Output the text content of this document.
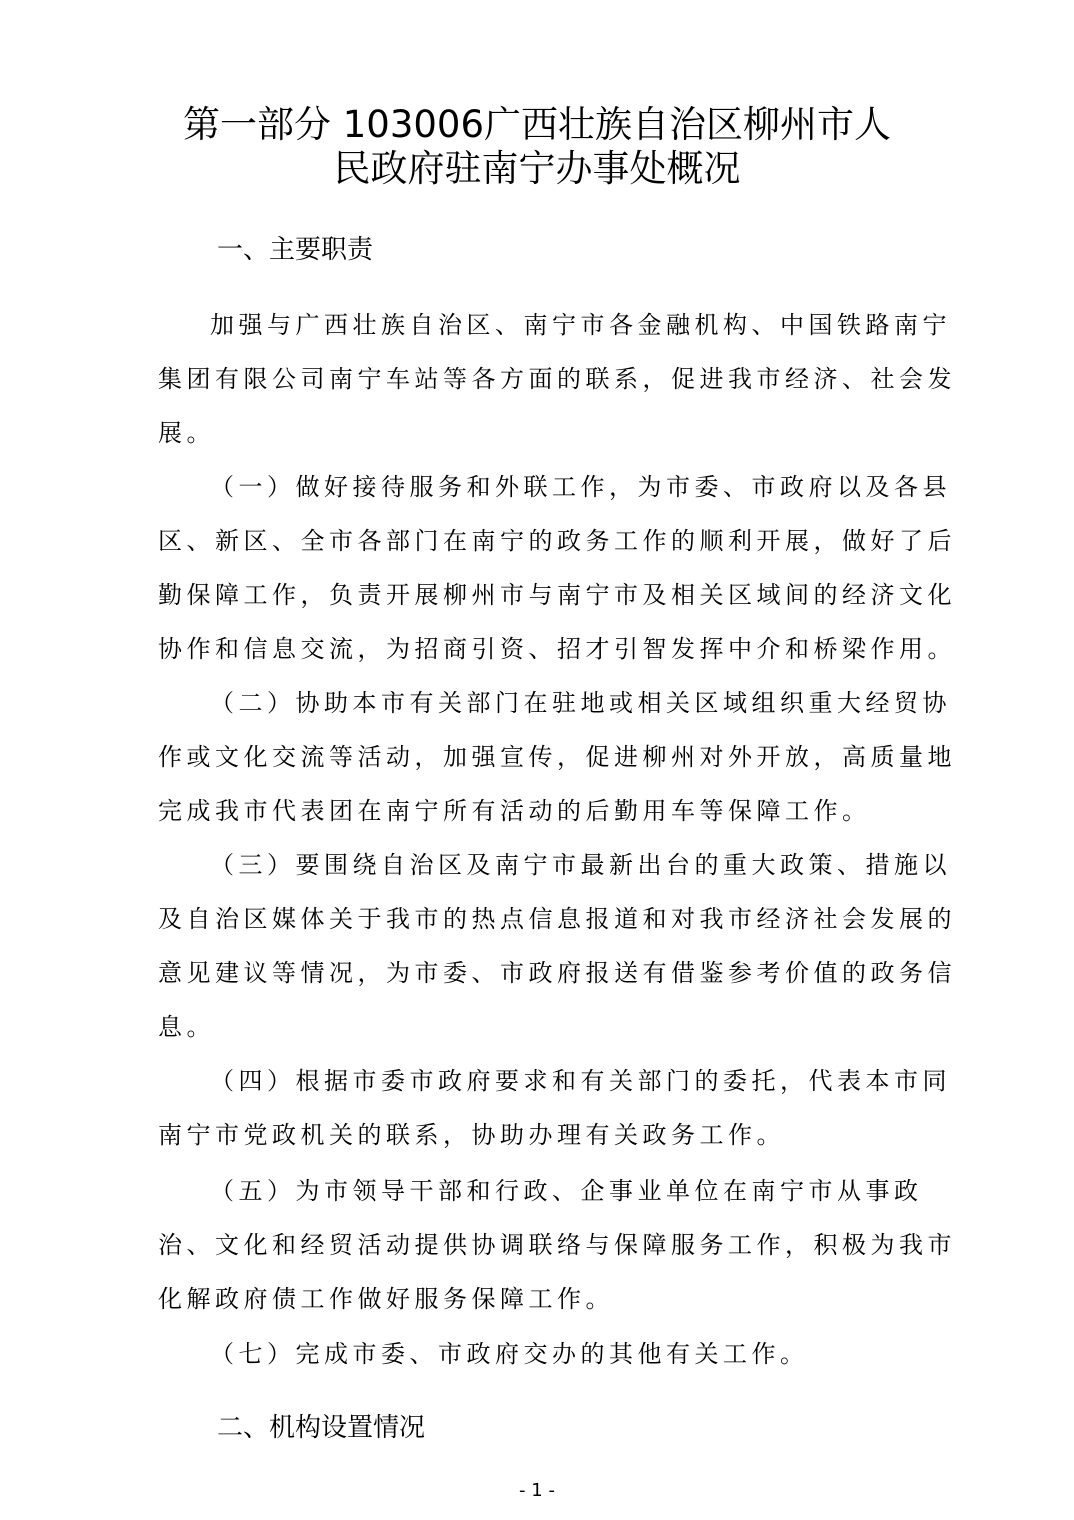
第一部分 103006广西壮族自治区柳州市人
民政府驻南宁办事处概况
一、主要职责
加强与广西壮族自治区、南宁市各金融机构、中国铁路南宁
集团有限公司南宁车站等各方面的联系，促进我市经济、社会发
展。
（一）做好接待服务和外联工作，为市委、市政府以及各县
区、新区、全市各部门在南宁的政务工作的顺利开展，做好了后
勤保障工作，负责开展柳州市与南宁市及相关区域间的经济文化
协作和信息交流，为招商引资、招才引智发挥中介和桥梁作用。
（二）协助本市有关部门在驻地或相关区域组织重大经贸协
作或文化交流等活动，加强宣传，促进柳州对外开放，高质量地
完成我市代表团在南宁所有活动的后勤用车等保障工作。
（三）要围绕自治区及南宁市最新出台的重大政策、措施以
及自治区媒体关于我市的热点信息报道和对我市经济社会发展的
意见建议等情况，为市委、市政府报送有借鉴参考价值的政务信
息。
（四）根据市委市政府要求和有关部门的委托，代表本市同
南宁市党政机关的联系，协助办理有关政务工作。
（五）为市领导干部和行政、企事业单位在南宁市从事政
治、文化和经贸活动提供协调联络与保障服务工作，积极为我市
化解政府债工作做好服务保障工作。
（七）完成市委、市政府交办的其他有关工作。
二、机构设置情况
- 1 -
